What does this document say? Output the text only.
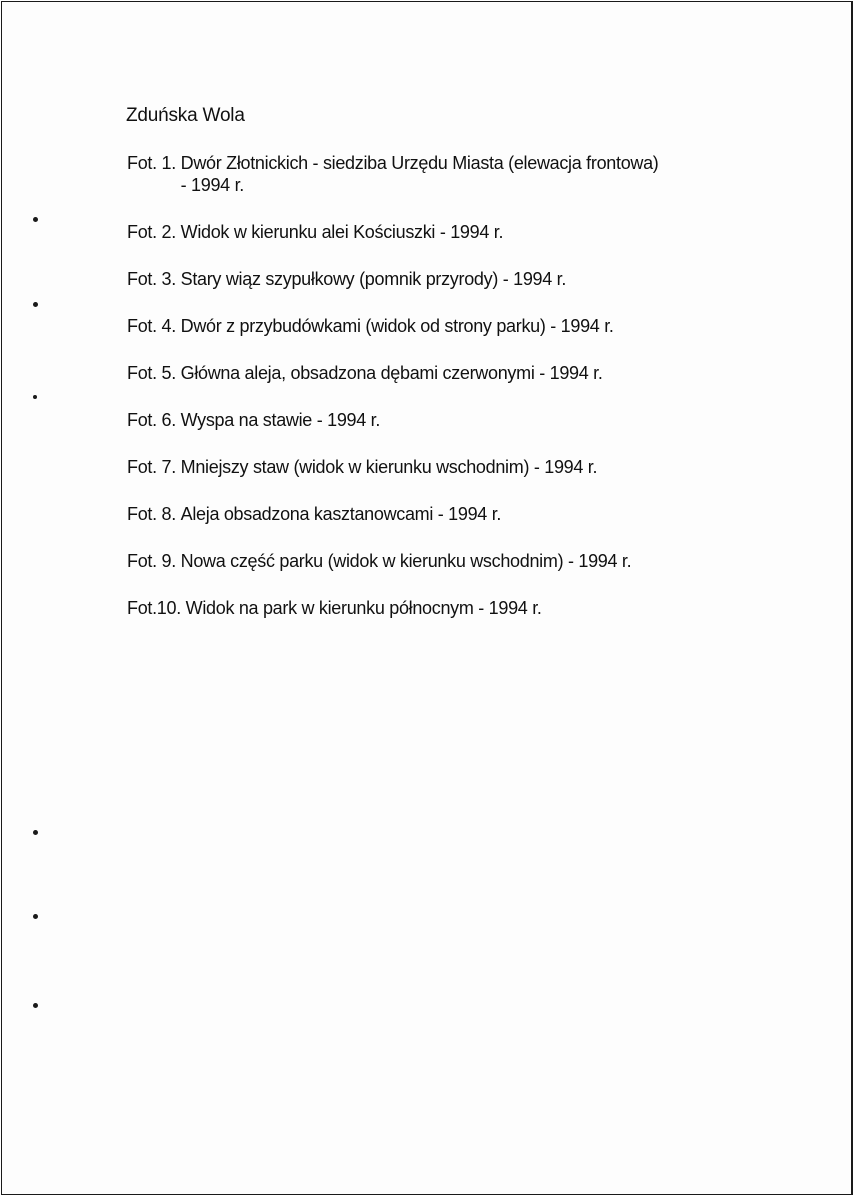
Zduńska Wola
Fot. 1. Dwór Złotnickich - siedziba Urzędu Miasta (elewacja frontowa) - 1994 r.
Fot. 2. Widok w kierunku alei Kościuszki - 1994 r.
Fot. 3. Stary wiąz szypułkowy (pomnik przyrody) - 1994 r.
Fot. 4. Dwór z przybudówkami (widok od strony parku) - 1994 r.
Fot. 5. Główna aleja, obsadzona dębami czerwonymi - 1994 r.
Fot. 6. Wyspa na stawie - 1994 r.
Fot. 7. Mniejszy staw (widok w kierunku wschodnim) - 1994 r.
Fot. 8. Aleja obsadzona kasztanowcami - 1994 r.
Fot. 9. Nowa część parku (widok w kierunku wschodnim) - 1994 r.
Fot.10. Widok na park w kierunku północnym - 1994 r.
